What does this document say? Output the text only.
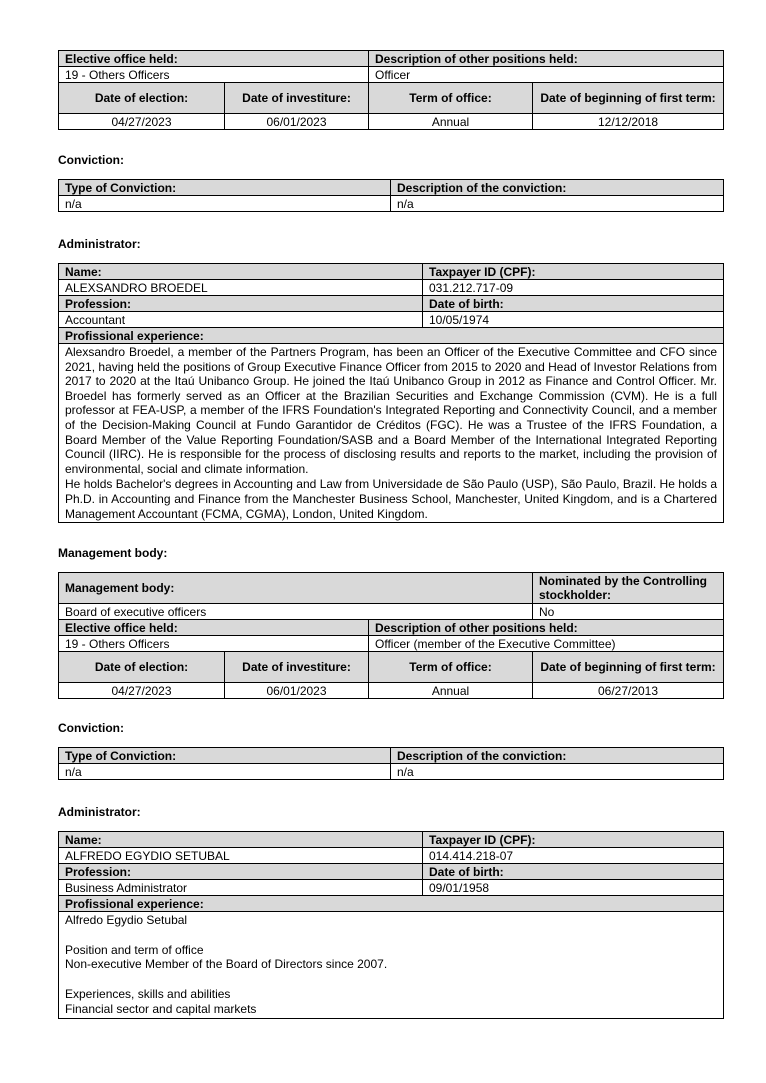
Elective office held:		Description of other positions held:	
19 - Others Officers		Officer	
Date of election:	Date of investiture:	Term of office:	Date of beginning of first term:
04/27/2023	06/01/2023	Annual	12/12/2018

Conviction:

Type of Conviction:	Description of the conviction:
n/a	n/a

Administrator:

Name:	Taxpayer ID (CPF):
ALEXSANDRO BROEDEL	031.212.717-09
Profession:	Date of birth:
Accountant	10/05/1974
Profissional experience:	

Alexsandro Broedel, a member of the Partners Program, has been an Officer of the Executive Committee and CFO since 2021, having held the positions of Group Executive Finance Officer from 2015 to 2020 and Head of Investor Relations from 2017 to 2020 at the Itaú Unibanco Group. He joined the Itaú Unibanco Group in 2012 as Finance and Control Officer. Mr. Broedel has formerly served as an Officer at the Brazilian Securities and Exchange Commission (CVM). He is a full professor at FEA-USP, a member of the IFRS Foundation's Integrated Reporting and Connectivity Council, and a member of the Decision-Making Council at Fundo Garantidor de Créditos (FGC). He was a Trustee of the IFRS Foundation, a Board Member of the Value Reporting Foundation/SASB and a Board Member of the International Integrated Reporting Council (IIRC). He is responsible for the process of disclosing results and reports to the market, including the provision of environmental, social and climate information.
He holds Bachelor's degrees in Accounting and Law from Universidade de São Paulo (USP), São Paulo, Brazil. He holds a Ph.D. in Accounting and Finance from the Manchester Business School, Manchester, United Kingdom, and is a Chartered Management Accountant (FCMA, CGMA), London, United Kingdom.	

Management body:

Management body:			Nominated by the Controlling stockholder:
Board of executive officers			No
Elective office held:		Description of other positions held:	
19 - Others Officers		Officer (member of the Executive Committee)	
Date of election:	Date of investiture:	Term of office:	Date of beginning of first term:
04/27/2023	06/01/2023	Annual	06/27/2013

Conviction:

Type of Conviction:	Description of the conviction:
n/a	n/a

Administrator:

Name:	Taxpayer ID (CPF):
ALFREDO EGYDIO SETUBAL	014.414.218-07
Profession:	Date of birth:
Business Administrator	09/01/1958
Profissional experience:	

Alfredo Egydio Setubal
Position and term of office
Non-executive Member of the Board of Directors since 2007.
Experiences, skills and abilities
Financial sector and capital markets	
